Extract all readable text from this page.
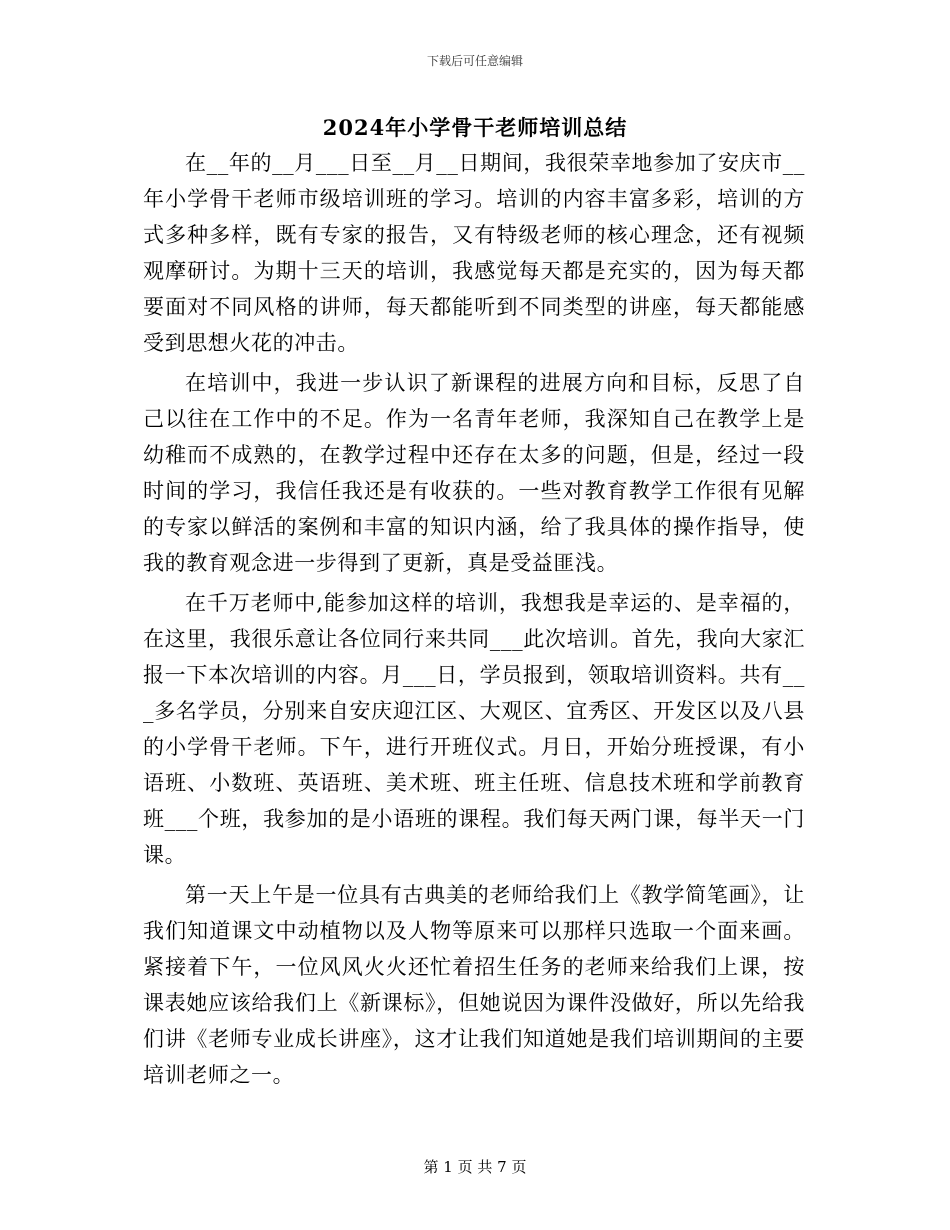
下载后可任意编辑
2024年小学骨干老师培训总结

在__年的__月___日至__月__日期间，我很荣幸地参加了安庆市__年小学骨干老师市级培训班的学习。培训的内容丰富多彩，培训的方式多种多样，既有专家的报告，又有特级老师的核心理念，还有视频观摩研讨。为期十三天的培训，我感觉每天都是充实的，因为每天都要面对不同风格的讲师，每天都能听到不同类型的讲座，每天都能感受到思想火花的冲击。

在培训中，我进一步认识了新课程的进展方向和目标，反思了自己以往在工作中的不足。作为一名青年老师，我深知自己在教学上是幼稚而不成熟的，在教学过程中还存在太多的问题，但是，经过一段时间的学习，我信任我还是有收获的。一些对教育教学工作很有见解的专家以鲜活的案例和丰富的知识内涵，给了我具体的操作指导，使我的教育观念进一步得到了更新，真是受益匪浅。

在千万老师中,能参加这样的培训，我想我是幸运的、是幸福的，在这里，我很乐意让各位同行来共同___此次培训。首先，我向大家汇报一下本次培训的内容。月___日，学员报到，领取培训资料。共有___多名学员，分别来自安庆迎江区、大观区、宜秀区、开发区以及八县的小学骨干老师。下午，进行开班仪式。月日，开始分班授课，有小语班、小数班、英语班、美术班、班主任班、信息技术班和学前教育班___个班，我参加的是小语班的课程。我们每天两门课，每半天一门课。

第一天上午是一位具有古典美的老师给我们上《教学简笔画》，让我们知道课文中动植物以及人物等原来可以那样只选取一个面来画。紧接着下午，一位风风火火还忙着招生任务的老师来给我们上课，按课表她应该给我们上《新课标》，但她说因为课件没做好，所以先给我们讲《老师专业成长讲座》，这才让我们知道她是我们培训期间的主要培训老师之一。

第 1 页 共 7 页
